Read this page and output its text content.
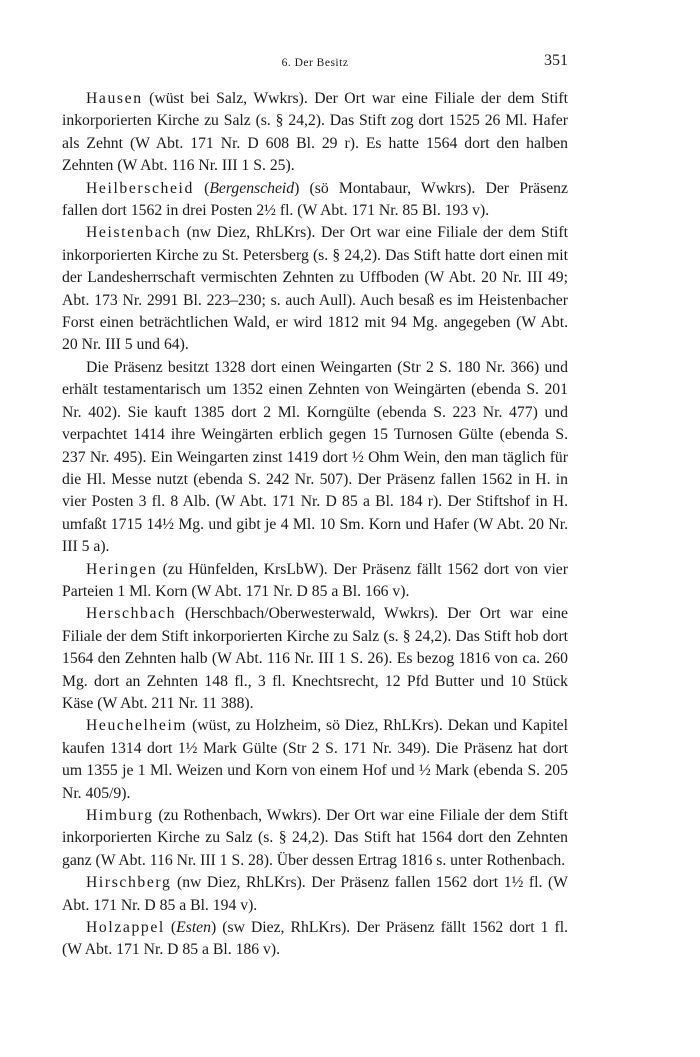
6. Der Besitz	351

Hausen (wüst bei Salz, Wwkrs). Der Ort war eine Filiale der dem Stift inkorporierten Kirche zu Salz (s. § 24,2). Das Stift zog dort 1525 26 Ml. Hafer als Zehnt (W Abt. 171 Nr. D 608 Bl. 29 r). Es hatte 1564 dort den halben Zehnten (W Abt. 116 Nr. III 1 S. 25).

Heilberscheid (Bergenscheid) (sö Montabaur, Wwkrs). Der Präsenz fallen dort 1562 in drei Posten 2½ fl. (W Abt. 171 Nr. 85 Bl. 193 v).

Heistenbach (nw Diez, RhLKrs). Der Ort war eine Filiale der dem Stift inkorporierten Kirche zu St. Petersberg (s. § 24,2). Das Stift hatte dort einen mit der Landesherrschaft vermischten Zehnten zu Uffboden (W Abt. 20 Nr. III 49; Abt. 173 Nr. 2991 Bl. 223–230; s. auch Aull). Auch besaß es im Heistenbacher Forst einen beträchtlichen Wald, er wird 1812 mit 94 Mg. angegeben (W Abt. 20 Nr. III 5 und 64).

Die Präsenz besitzt 1328 dort einen Weingarten (Str 2 S. 180 Nr. 366) und erhält testamentarisch um 1352 einen Zehnten von Weingärten (ebenda S. 201 Nr. 402). Sie kauft 1385 dort 2 Ml. Korngülte (ebenda S. 223 Nr. 477) und verpachtet 1414 ihre Weingärten erblich gegen 15 Turnosen Gülte (ebenda S. 237 Nr. 495). Ein Weingarten zinst 1419 dort ½ Ohm Wein, den man täglich für die Hl. Messe nutzt (ebenda S. 242 Nr. 507). Der Präsenz fallen 1562 in H. in vier Posten 3 fl. 8 Alb. (W Abt. 171 Nr. D 85 a Bl. 184 r). Der Stiftshof in H. umfaßt 1715 14½ Mg. und gibt je 4 Ml. 10 Sm. Korn und Hafer (W Abt. 20 Nr. III 5 a).

Heringen (zu Hünfelden, KrsLbW). Der Präsenz fällt 1562 dort von vier Parteien 1 Ml. Korn (W Abt. 171 Nr. D 85 a Bl. 166 v).

Herschbach (Herschbach/Oberwesterwald, Wwkrs). Der Ort war eine Filiale der dem Stift inkorporierten Kirche zu Salz (s. § 24,2). Das Stift hob dort 1564 den Zehnten halb (W Abt. 116 Nr. III 1 S. 26). Es bezog 1816 von ca. 260 Mg. dort an Zehnten 148 fl., 3 fl. Knechtsrecht, 12 Pfd Butter und 10 Stück Käse (W Abt. 211 Nr. 11 388).

Heuchelheim (wüst, zu Holzheim, sö Diez, RhLKrs). Dekan und Kapitel kaufen 1314 dort 1½ Mark Gülte (Str 2 S. 171 Nr. 349). Die Präsenz hat dort um 1355 je 1 Ml. Weizen und Korn von einem Hof und ½ Mark (ebenda S. 205 Nr. 405/9).

Himburg (zu Rothenbach, Wwkrs). Der Ort war eine Filiale der dem Stift inkorporierten Kirche zu Salz (s. § 24,2). Das Stift hat 1564 dort den Zehnten ganz (W Abt. 116 Nr. III 1 S. 28). Über dessen Ertrag 1816 s. unter Rothenbach.

Hirschberg (nw Diez, RhLKrs). Der Präsenz fallen 1562 dort 1½ fl. (W Abt. 171 Nr. D 85 a Bl. 194 v).

Holzappel (Esten) (sw Diez, RhLKrs). Der Präsenz fällt 1562 dort 1 fl. (W Abt. 171 Nr. D 85 a Bl. 186 v).
